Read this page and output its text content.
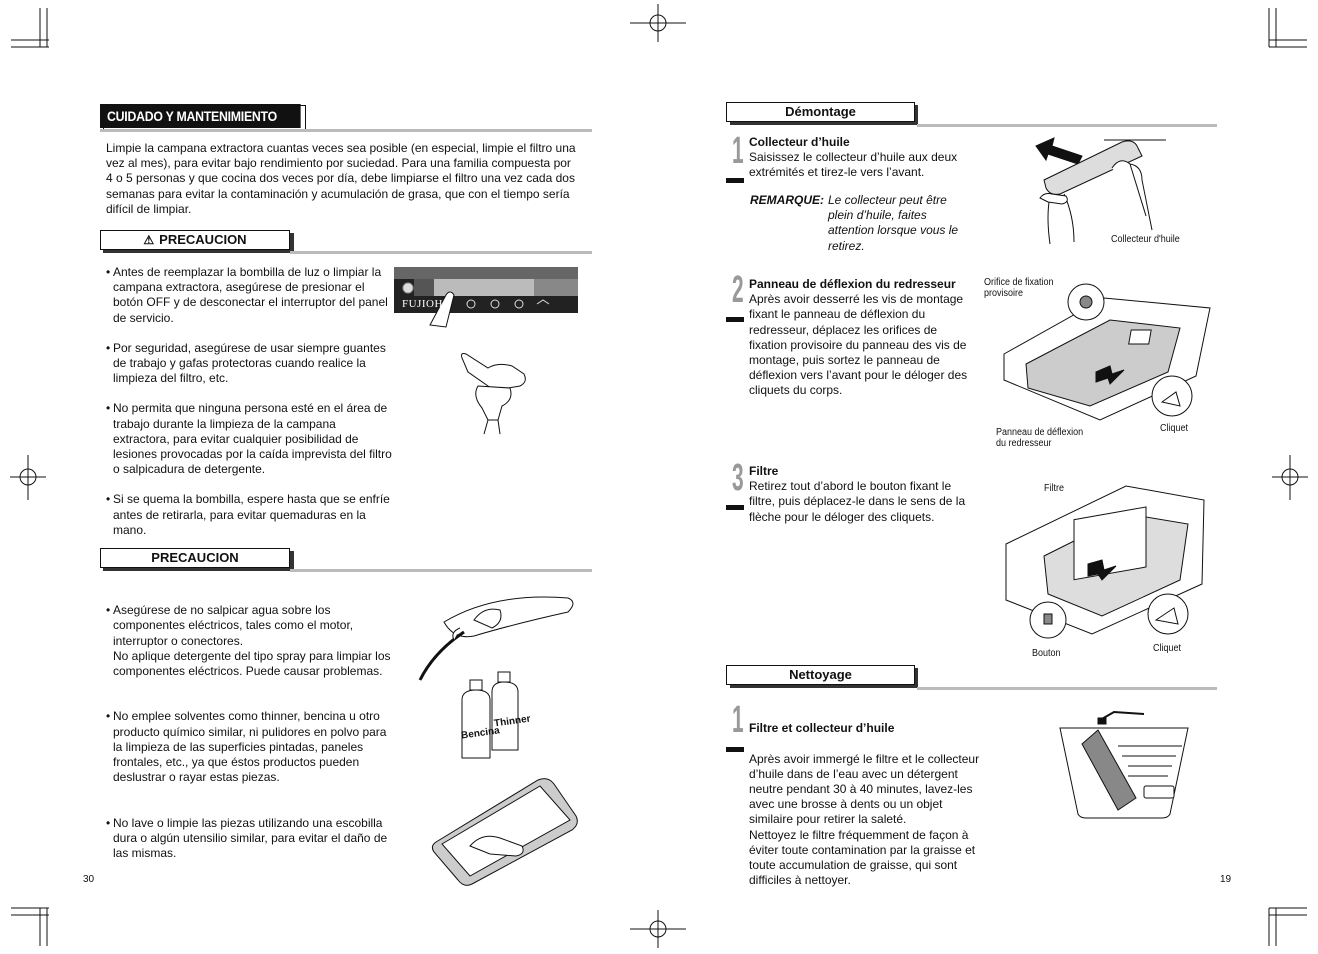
CUIDADO Y MANTENIMIENTO

Limpie la campana extractora cuantas veces sea posible (en especial, limpie el filtro una vez al mes), para evitar bajo rendimiento por suciedad. Para una familia compuesta por 4 o 5 personas y que cocina dos veces por día, debe limpiarse el filtro una vez cada dos semanas para evitar la contaminación y acumulación de grasa, que con el tiempo sería difícil de limpiar.

⚠ PRECAUCION
• Antes de reemplazar la bombilla de luz o limpiar la campana extractora, asegúrese de presionar el botón OFF y de desconectar el interruptor del panel de servicio.
• Por seguridad, asegúrese de usar siempre guantes de trabajo y gafas protectoras cuando realice la limpieza del filtro, etc.
• No permita que ninguna persona esté en el área de trabajo durante la limpieza de la campana extractora, para evitar cualquier posibilidad de lesiones provocadas por la caída imprevista del filtro o salpicadura de detergente.
• Si se quema la bombilla, espere hasta que se enfríe antes de retirarla, para evitar quemaduras en la mano.
FUJIOH
PRECAUCION

• Asegúrese de no salpicar agua sobre los componentes eléctricos, tales como el motor, interruptor o conectores.
No aplique detergente del tipo spray para limpiar los componentes eléctricos. Puede causar problemas.

• No emplee solventes como thinner, bencina u otro producto químico similar, ni pulidores en polvo para la limpieza de las superficies pintadas, paneles frontales, etc., ya que éstos productos pueden deslustrar o rayar estas piezas.

• No lave o limpie las piezas utilizando una escobilla dura o algún utensilio similar, para evitar el daño de las mismas.

Bencina
Thinner
30
Démontage
1 Collecteur d’huile
Saisissez le collecteur d’huile aux deux extrémités et tirez-le vers l’avant.
REMARQUE: Le collecteur peut être plein d’huile, faites attention lorsque vous le retirez.	Collecteur d'huile
2 Panneau de déflexion du redresseur
Après avoir desserré les vis de montage fixant le panneau de déflexion du redresseur, déplacez les orifices de fixation provisoire du panneau des vis de montage, puis sortez le panneau de déflexion vers l’avant pour le déloger des cliquets du corps.
Orifice de fixation provisoire
Panneau de déflexion du redresseur
Cliquet
3 Filtre
Retirez tout d’abord le bouton fixant le filtre, puis déplacez-le dans le sens de la flèche pour le déloger des cliquets.
Filtre
Bouton	Cliquet
Nettoyage
1 Filtre et collecteur d’huile

Après avoir immergé le filtre et le collecteur d’huile dans de l’eau avec un détergent neutre pendant 30 à 40 minutes, lavez-les avec une brosse à dents ou un objet similaire pour retirer la saleté.
Nettoyez le filtre fréquemment de façon à éviter toute contamination par la graisse et toute accumulation de graisse, qui sont difficiles à nettoyer.	19
